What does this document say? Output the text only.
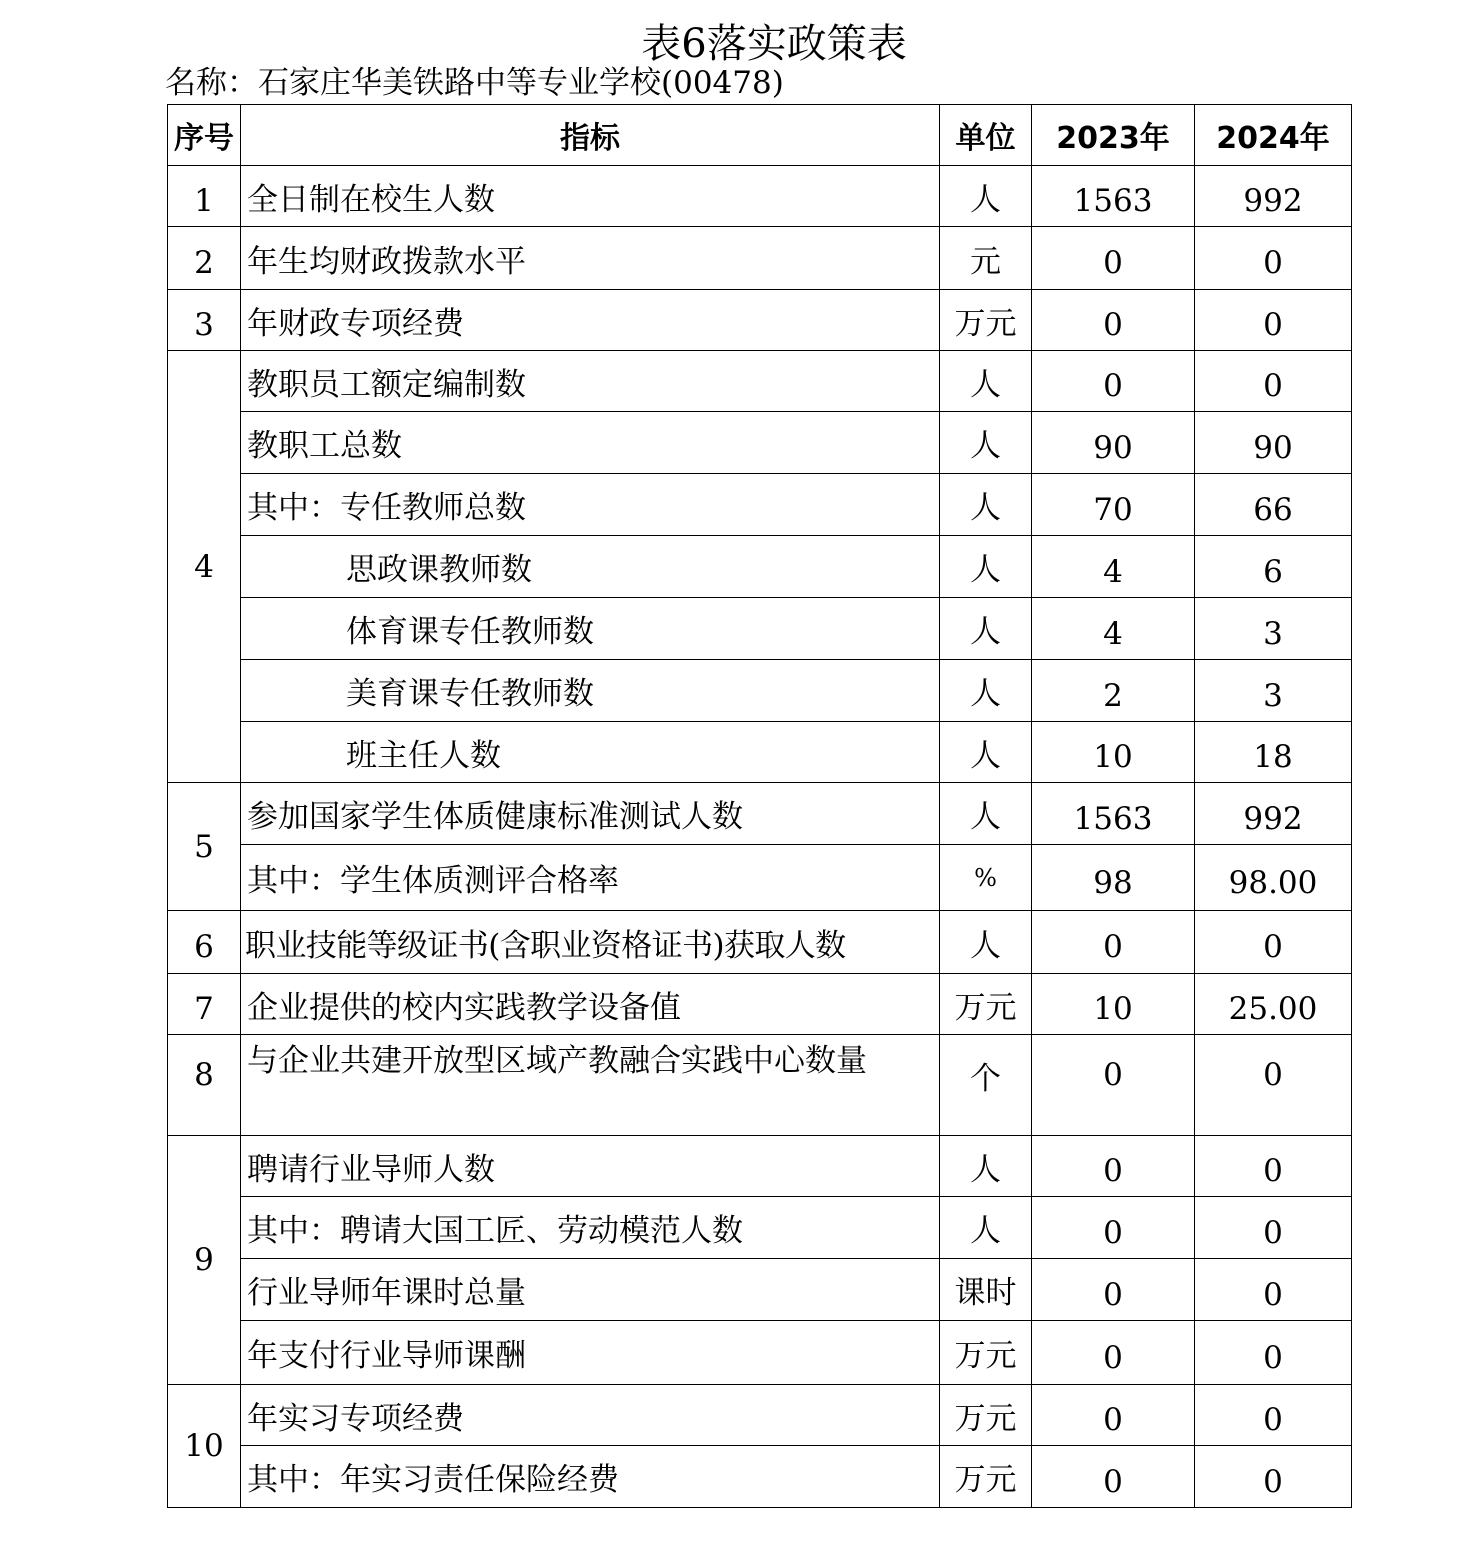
表6落实政策表
名称：石家庄华美铁路中等专业学校(00478)
序号	指标	单位	2023年	2024年
1	全日制在校生人数	人	1563	992
2	年生均财政拨款水平	元	0	0
3	年财政专项经费	万元	0	0
4	教职员工额定编制数	人	0	0
	教职工总数	人	90	90
	其中：专任教师总数	人	70	66
	思政课教师数	人	4	6
	体育课专任教师数	人	4	3
	美育课专任教师数	人	2	3
	班主任人数	人	10	18
5	参加国家学生体质健康标准测试人数	人	1563	992
	其中：学生体质测评合格率	%	98	98.00
6	职业技能等级证书(含职业资格证书)获取人数	人	0	0
7	企业提供的校内实践教学设备值	万元	10	25.00
8	与企业共建开放型区域产教融合实践中心数量	个	0	0
9	聘请行业导师人数	人	0	0
	其中：聘请大国工匠、劳动模范人数	人	0	0
	行业导师年课时总量	课时	0	0
	年支付行业导师课酬	万元	0	0
10	年实习专项经费	万元	0	0
	其中：年实习责任保险经费	万元	0	0
